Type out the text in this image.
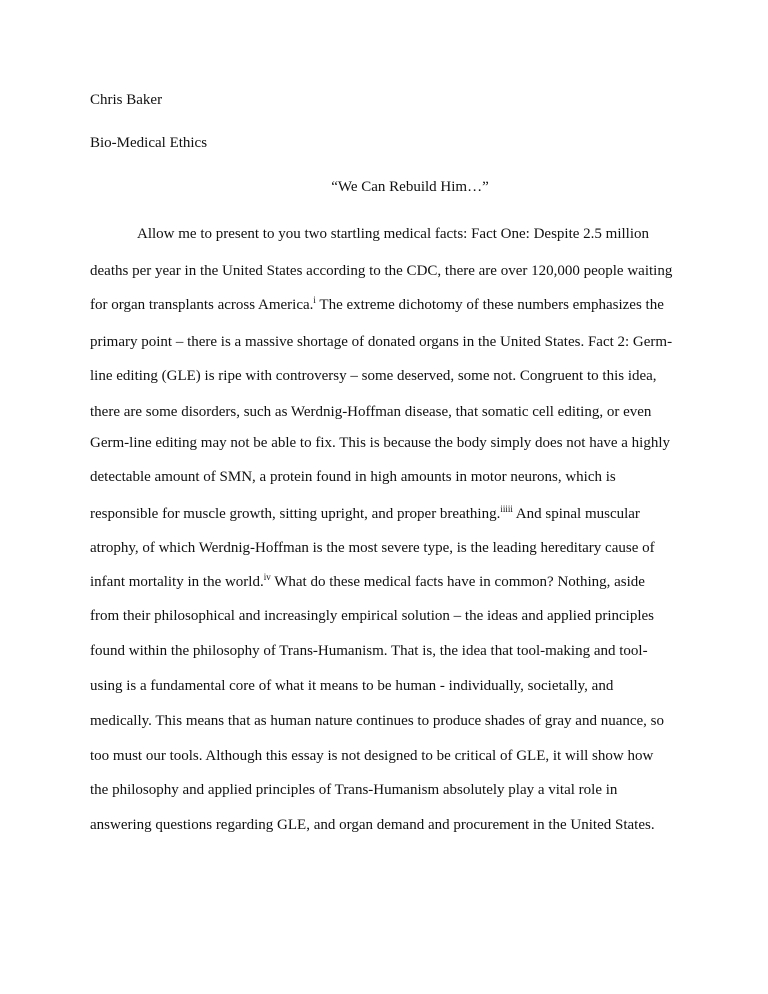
Chris Baker
Bio-Medical Ethics
“We Can Rebuild Him…”
Allow me to present to you two startling medical facts: Fact One: Despite 2.5 million
deaths per year in the United States according to the CDC, there are over 120,000 people waiting
for organ transplants across America.$^i$ The extreme dichotomy of these numbers emphasizes the
primary point – there is a massive shortage of donated organs in the United States. Fact 2: Germ-
line editing (GLE) is ripe with controversy – some deserved, some not. Congruent to this idea,
there are some disorders, such as Werdnig-Hoffman disease, that somatic cell editing, or even
Germ-line editing may not be able to fix. This is because the body simply does not have a highly
detectable amount of SMN, a protein found in high amounts in motor neurons, which is
responsible for muscle growth, sitting upright, and proper breathing.$^{iiiii}$ And spinal muscular
atrophy, of which Werdnig-Hoffman is the most severe type, is the leading hereditary cause of
infant mortality in the world.$^{iv}$ What do these medical facts have in common? Nothing, aside
from their philosophical and increasingly empirical solution – the ideas and applied principles
found within the philosophy of Trans-Humanism. That is, the idea that tool-making and tool-
using is a fundamental core of what it means to be human - individually, societally, and
medically. This means that as human nature continues to produce shades of gray and nuance, so
too must our tools. Although this essay is not designed to be critical of GLE, it will show how
the philosophy and applied principles of Trans-Humanism absolutely play a vital role in
answering questions regarding GLE, and organ demand and procurement in the United States.
